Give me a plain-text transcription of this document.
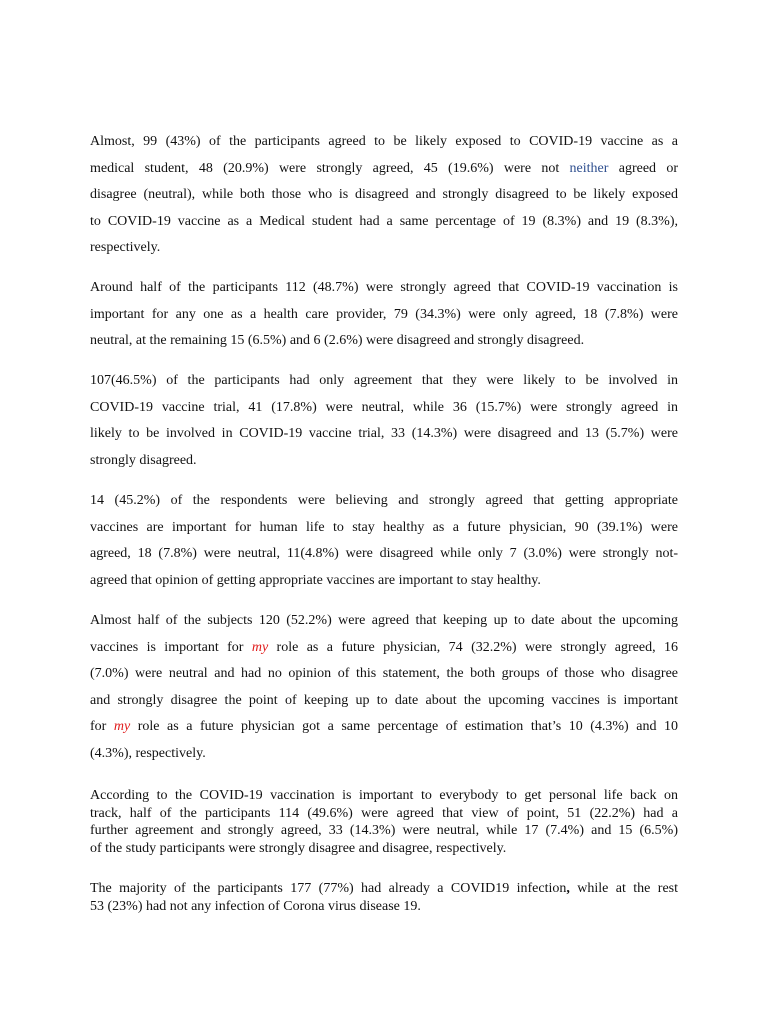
Almost, 99 (43%) of the participants agreed to be likely exposed to COVID-19 vaccine as a
medical student, 48 (20.9%) were strongly agreed, 45 (19.6%) were not neither agreed or
disagree (neutral), while both those who is disagreed and strongly disagreed to be likely exposed
to COVID-19 vaccine as a Medical student had a same percentage of 19 (8.3%) and 19 (8.3%),
respectively.

Around half of the participants 112 (48.7%) were strongly agreed that COVID-19 vaccination is
important for any one as a health care provider, 79 (34.3%) were only agreed, 18 (7.8%) were
neutral, at the remaining 15 (6.5%) and 6 (2.6%) were disagreed and strongly disagreed.

107(46.5%) of the participants had only agreement that they were likely to be involved in
COVID-19 vaccine trial, 41 (17.8%) were neutral, while 36 (15.7%) were strongly agreed in
likely to be involved in COVID-19 vaccine trial, 33 (14.3%) were disagreed and 13 (5.7%) were
strongly disagreed.

14 (45.2%) of the respondents were believing and strongly agreed that getting appropriate
vaccines are important for human life to stay healthy as a future physician, 90 (39.1%) were
agreed, 18 (7.8%) were neutral, 11(4.8%) were disagreed while only 7 (3.0%) were strongly not-
agreed that opinion of getting appropriate vaccines are important to stay healthy.

Almost half of the subjects 120 (52.2%) were agreed that keeping up to date about the upcoming
vaccines is important for my role as a future physician, 74 (32.2%) were strongly agreed, 16
(7.0%) were neutral and had no opinion of this statement, the both groups of those who disagree
and strongly disagree the point of keeping up to date about the upcoming vaccines is important
for my role as a future physician got a same percentage of estimation that’s 10 (4.3%) and 10
(4.3%), respectively.

According to the COVID-19 vaccination is important to everybody to get personal life back on
track, half of the participants 114 (49.6%) were agreed that view of point, 51 (22.2%) had a
further agreement and strongly agreed, 33 (14.3%) were neutral, while 17 (7.4%) and 15 (6.5%)
of the study participants were strongly disagree and disagree, respectively.

The majority of the participants 177 (77%) had already a COVID19 infection, while at the rest
53 (23%) had not any infection of Corona virus disease 19.
